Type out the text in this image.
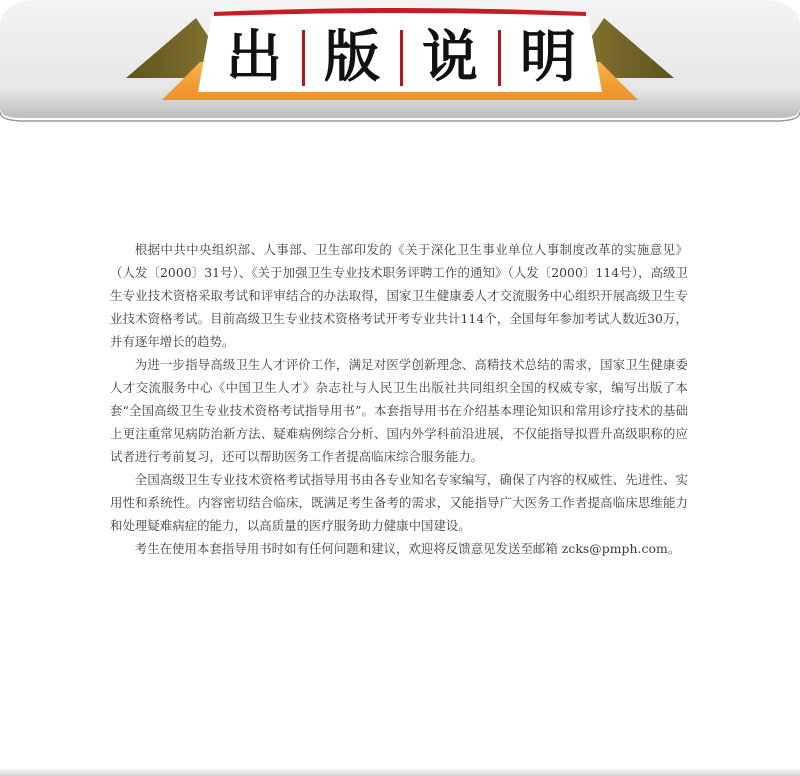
出 版 说 明

根据中共中央组织部、人事部、卫生部印发的《关于深化卫生事业单位人事制度改革的实施意见》（人发〔2000〕31号）、《关于加强卫生专业技术职务评聘工作的通知》（人发〔2000〕114号），高级卫生专业技术资格采取考试和评审结合的办法取得，国家卫生健康委人才交流服务中心组织开展高级卫生专业技术资格考试。目前高级卫生专业技术资格考试开考专业共计114个，全国每年参加考试人数近30万，并有逐年增长的趋势。

为进一步指导高级卫生人才评价工作，满足对医学创新理念、高精技术总结的需求，国家卫生健康委人才交流服务中心《中国卫生人才》杂志社与人民卫生出版社共同组织全国的权威专家，编写出版了本套“全国高级卫生专业技术资格考试指导用书”。本套指导用书在介绍基本理论知识和常用诊疗技术的基础上更注重常见病防治新方法、疑难病例综合分析、国内外学科前沿进展，不仅能指导拟晋升高级职称的应试者进行考前复习，还可以帮助医务工作者提高临床综合服务能力。

全国高级卫生专业技术资格考试指导用书由各专业知名专家编写，确保了内容的权威性、先进性、实用性和系统性。内容密切结合临床，既满足考生备考的需求，又能指导广大医务工作者提高临床思维能力和处理疑难病症的能力，以高质量的医疗服务助力健康中国建设。

考生在使用本套指导用书时如有任何问题和建议，欢迎将反馈意见发送至邮箱 zcks@pmph.com。
